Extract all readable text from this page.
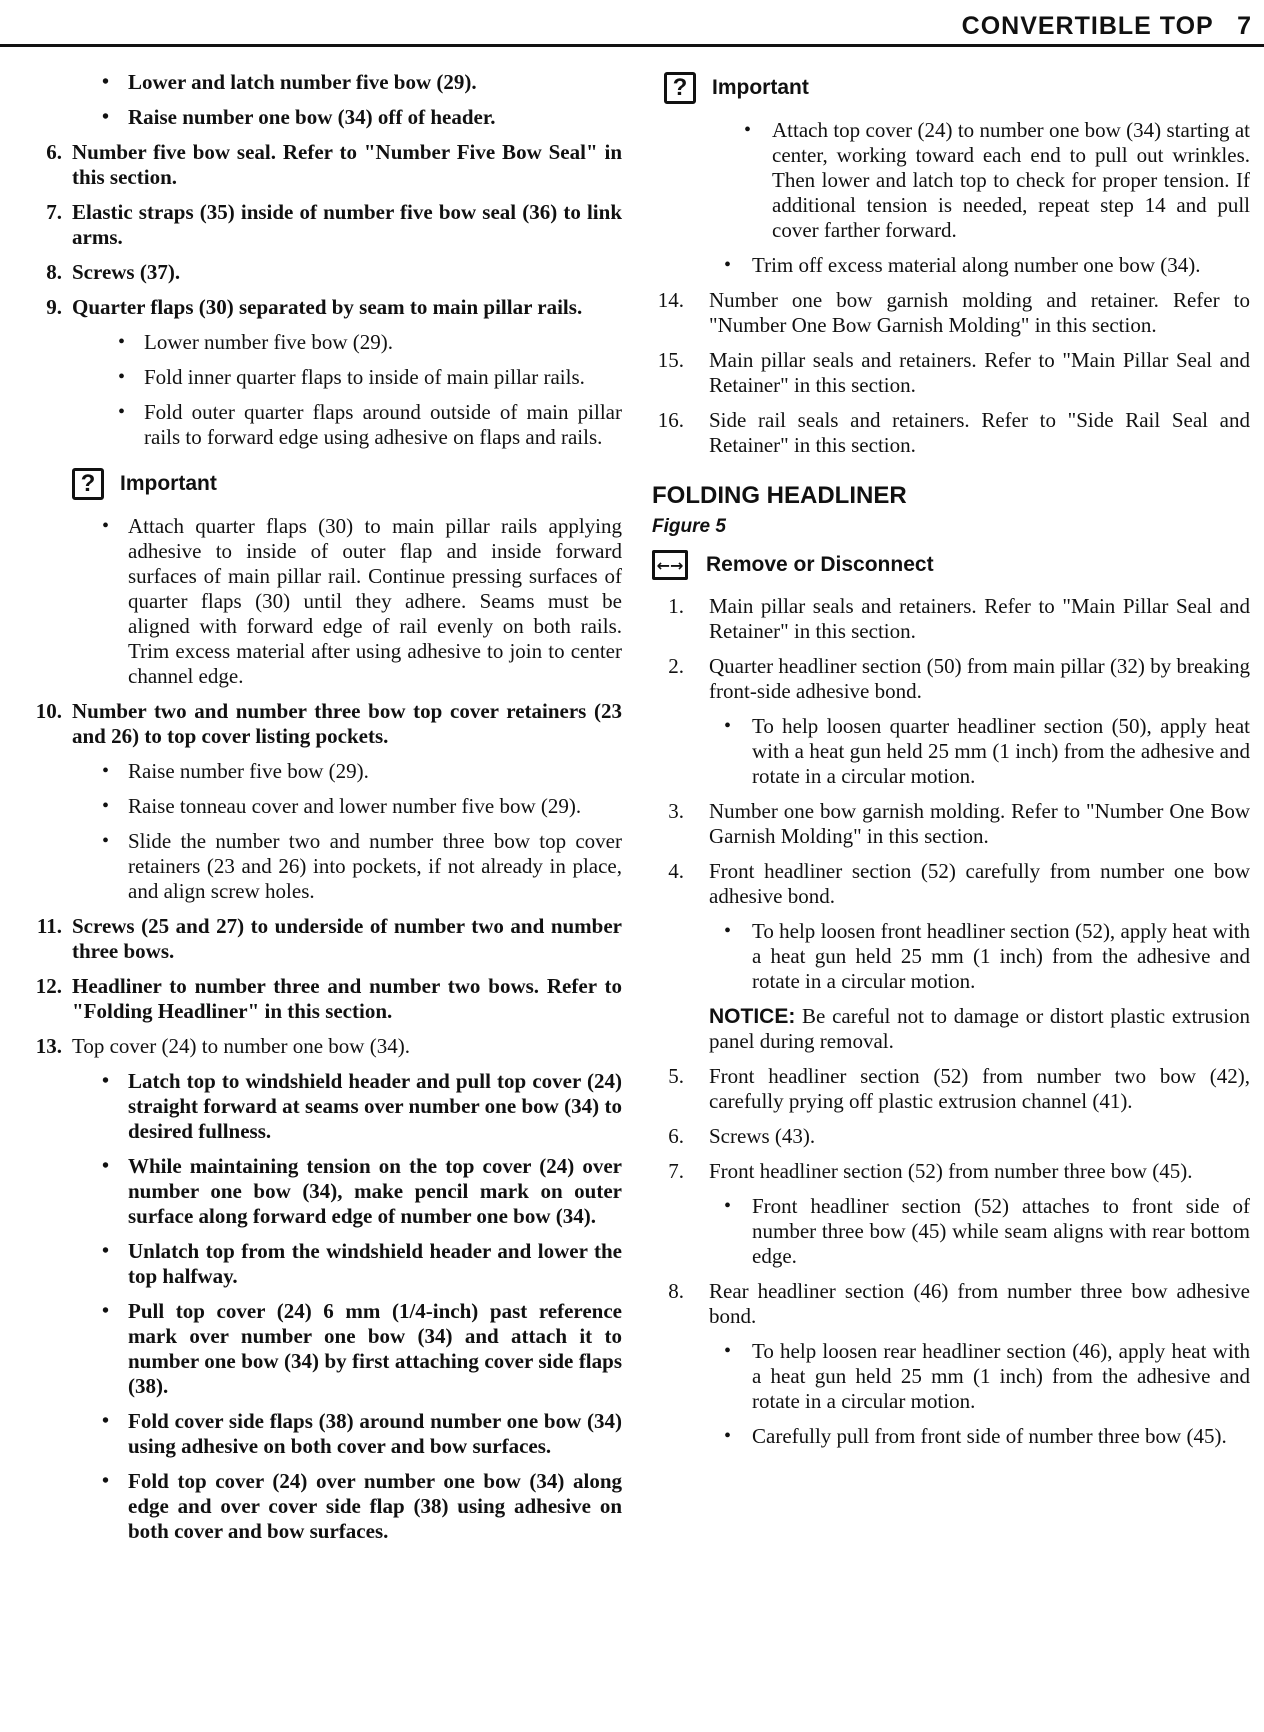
CONVERTIBLE TOP   7
• Lower and latch number five bow (29).
• Raise number one bow (34) off of header.
6. Number five bow seal. Refer to "Number Five Bow Seal" in this section.
7. Elastic straps (35) inside of number five bow seal (36) to link arms.
8. Screws (37).
9. Quarter flaps (30) separated by seam to main pillar rails.
• Lower number five bow (29).
• Fold inner quarter flaps to inside of main pillar rails.
• Fold outer quarter flaps around outside of main pillar rails to forward edge using adhesive on flaps and rails.
?	Important
• Attach quarter flaps (30) to main pillar rails applying adhesive to inside of outer flap and inside forward surfaces of main pillar rail. Continue pressing surfaces of quarter flaps (30) until they adhere. Seams must be aligned with forward edge of rail evenly on both rails. Trim excess material after using adhesive to join to center channel edge.
10. Number two and number three bow top cover retainers (23 and 26) to top cover listing pockets.
• Raise number five bow (29).
• Raise tonneau cover and lower number five bow (29).
• Slide the number two and number three bow top cover retainers (23 and 26) into pockets, if not already in place, and align screw holes.
11. Screws (25 and 27) to underside of number two and number three bows.
12. Headliner to number three and number two bows. Refer to "Folding Headliner" in this section.
13. Top cover (24) to number one bow (34).
• Latch top to windshield header and pull top cover (24) straight forward at seams over number one bow (34) to desired fullness.
• While maintaining tension on the top cover (24) over number one bow (34), make pencil mark on outer surface along forward edge of number one bow (34).
• Unlatch top from the windshield header and lower the top halfway.
• Pull top cover (24) 6 mm (1/4-inch) past reference mark over number one bow (34) and attach it to number one bow (34) by first attaching cover side flaps (38).
• Fold cover side flaps (38) around number one bow (34) using adhesive on both cover and bow surfaces.
• Fold top cover (24) over number one bow (34) along edge and over cover side flap (38) using adhesive on both cover and bow surfaces.
?	Important
• Attach top cover (24) to number one bow (34) starting at center, working toward each end to pull out wrinkles. Then lower and latch top to check for proper tension. If additional tension is needed, repeat step 14 and pull cover farther forward.
• Trim off excess material along number one bow (34).
14. Number one bow garnish molding and retainer. Refer to "Number One Bow Garnish Molding" in this section.
15. Main pillar seals and retainers. Refer to "Main Pillar Seal and Retainer" in this section.
16. Side rail seals and retainers. Refer to "Side Rail Seal and Retainer" in this section.
FOLDING HEADLINER
Figure 5
←→ Remove or Disconnect
1. Main pillar seals and retainers. Refer to "Main Pillar Seal and Retainer" in this section.
2. Quarter headliner section (50) from main pillar (32) by breaking front-side adhesive bond.
• To help loosen quarter headliner section (50), apply heat with a heat gun held 25 mm (1 inch) from the adhesive and rotate in a circular motion.
3. Number one bow garnish molding. Refer to "Number One Bow Garnish Molding" in this section.
4. Front headliner section (52) carefully from number one bow adhesive bond.
• To help loosen front headliner section (52), apply heat with a heat gun held 25 mm (1 inch) from the adhesive and rotate in a circular motion.
NOTICE: Be careful not to damage or distort plastic extrusion panel during removal.
5. Front headliner section (52) from number two bow (42), carefully prying off plastic extrusion channel (41).
6. Screws (43).
7. Front headliner section (52) from number three bow (45).
• Front headliner section (52) attaches to front side of number three bow (45) while seam aligns with rear bottom edge.
8. Rear headliner section (46) from number three bow adhesive bond.
• To help loosen rear headliner section (46), apply heat with a heat gun held 25 mm (1 inch) from the adhesive and rotate in a circular motion.
• Carefully pull from front side of number three bow (45).
